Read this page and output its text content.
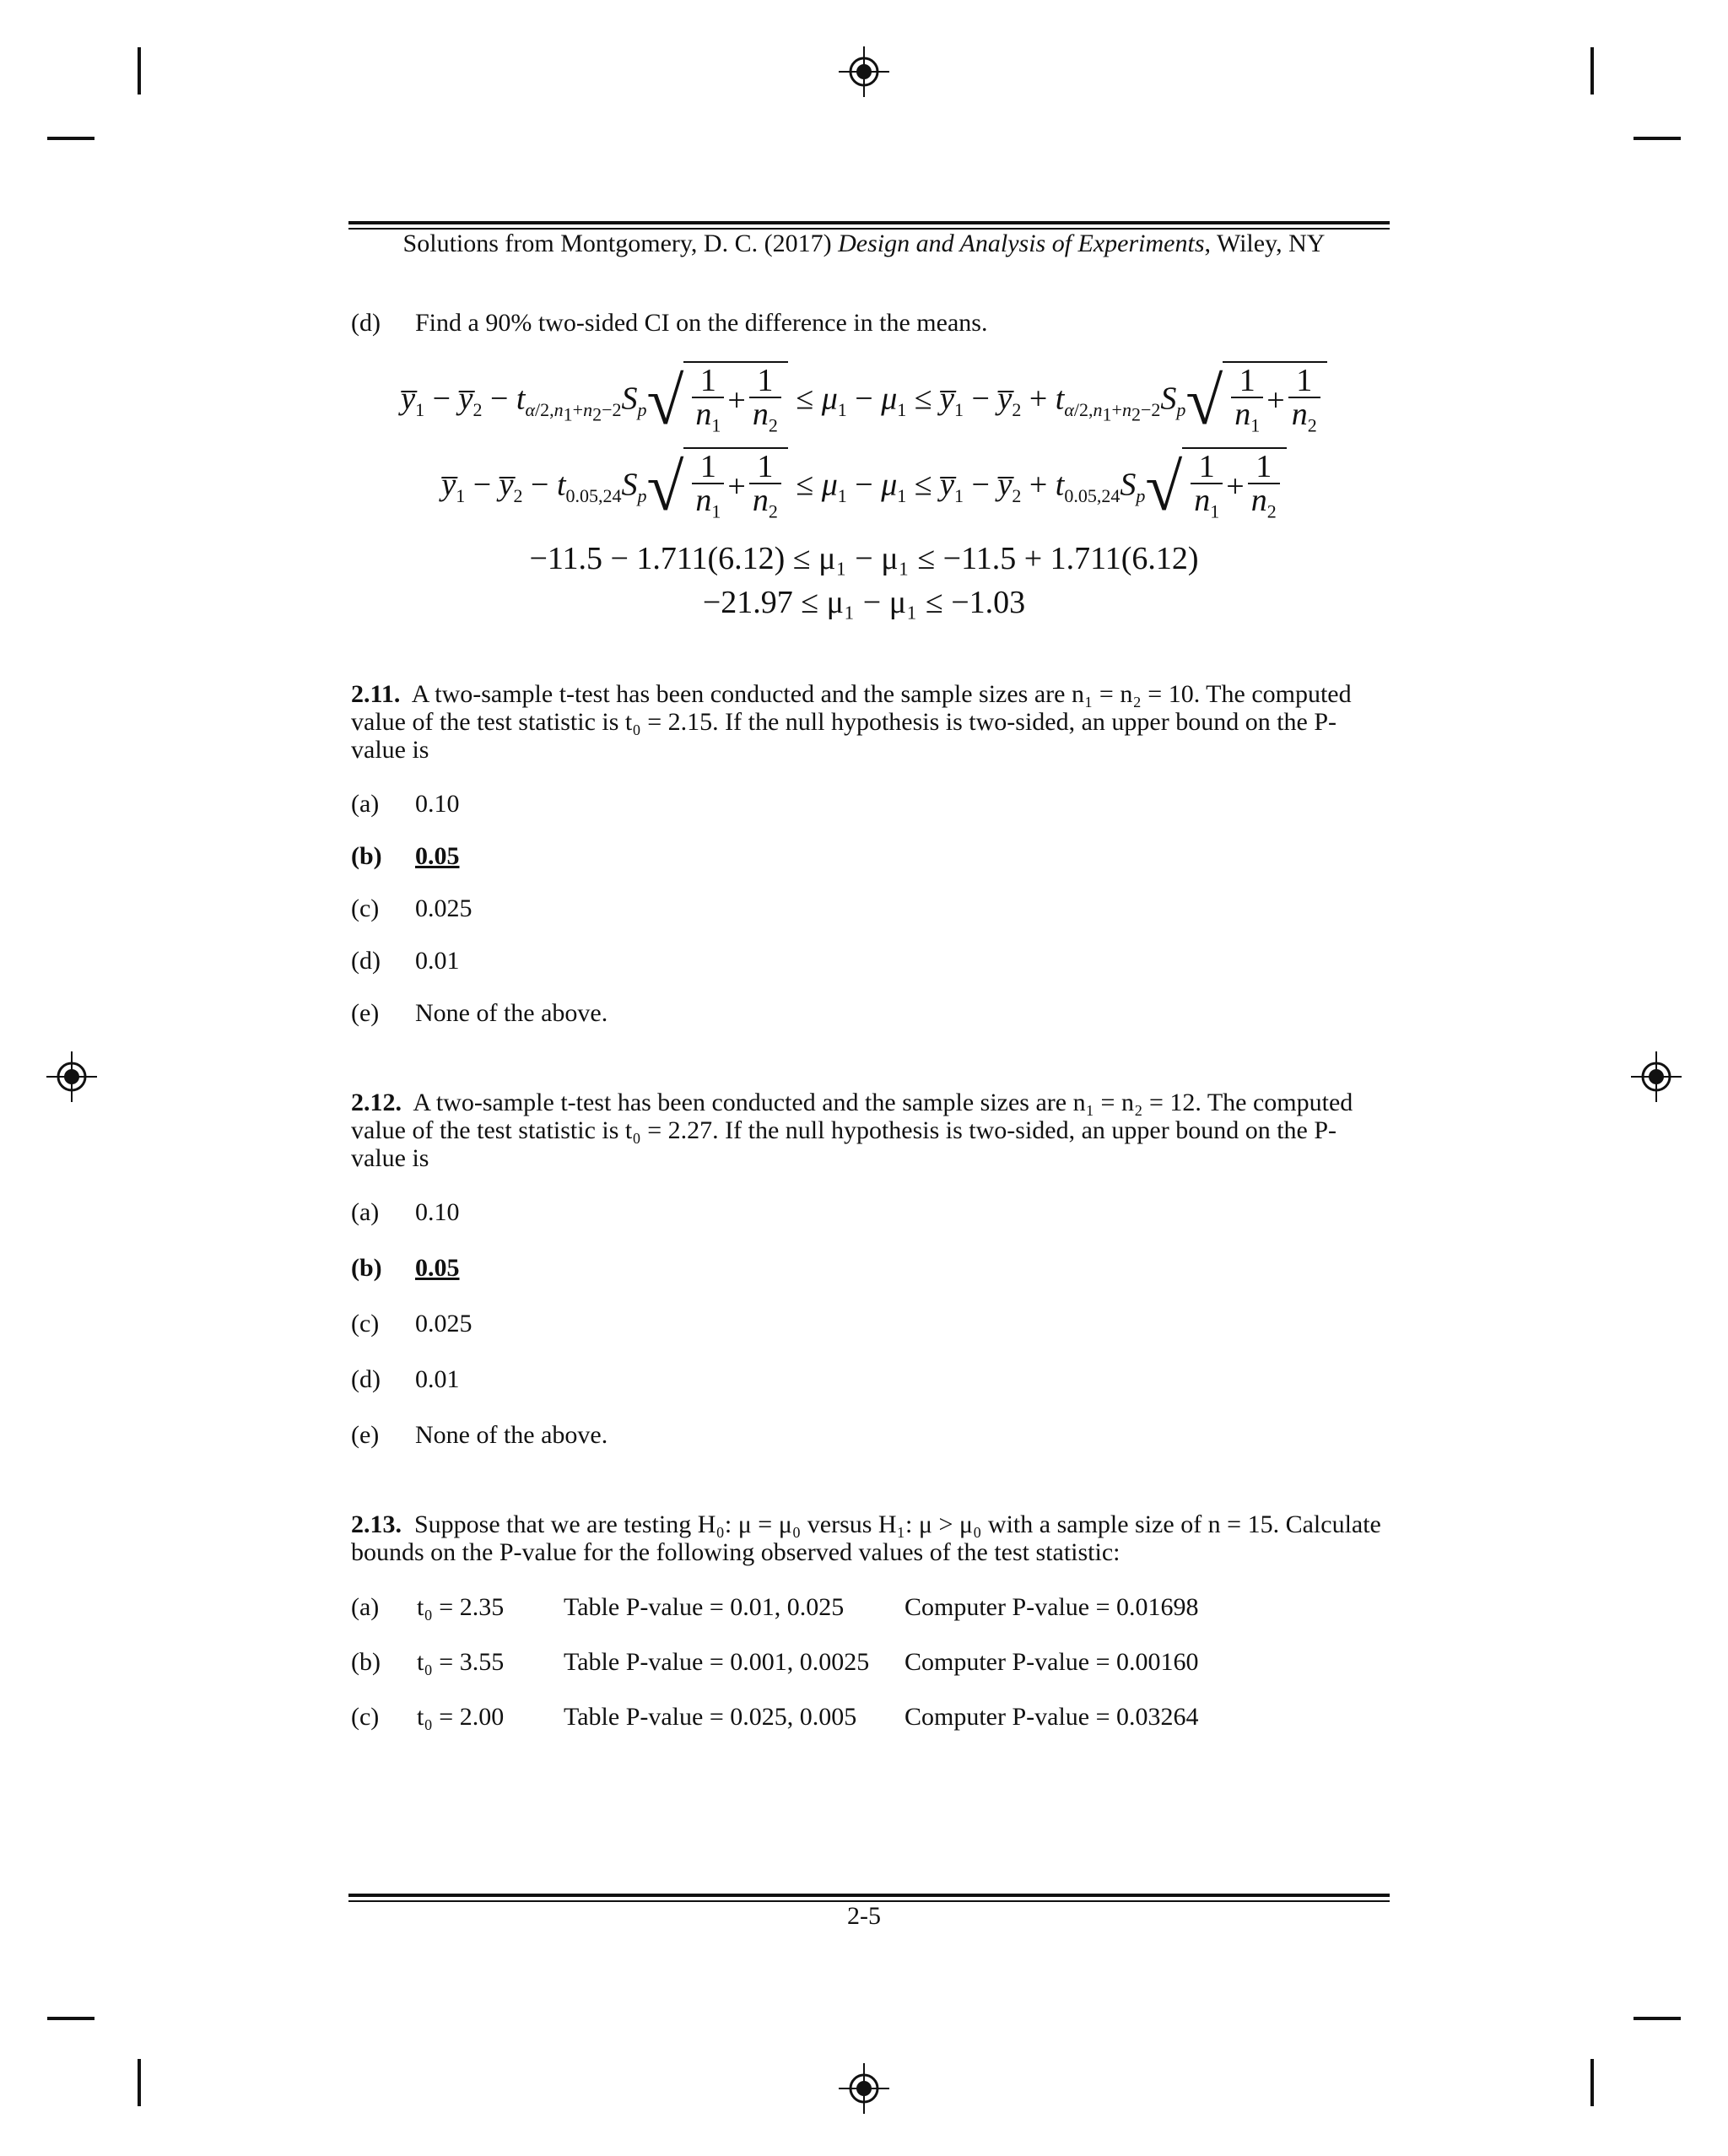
Solutions from Montgomery, D. C. (2017) Design and Analysis of Experiments, Wiley, NY
(d) Find a 90% two-sided CI on the difference in the means.
$y̅_1$ − $y̅_2 - t_{\alpha/2,n_1+n_2-2}S_p√ \frac{1}{n_1} + \frac{1}{n_2} \le \mu_1 - \mu_1$ ≤ $y̅_1$ − $y̅_2 + t_{\alpha/2,n_1+n_2-2}S_p√ \frac{1}{n_1} + \frac{1}{n_2}$
$y̅_1$ − $y̅_2 - t_{0.05,24}S_p√ \frac{1}{n_1} + \frac{1}{n_2} \le \mu_1 - \mu_1$ ≤ $y̅_1$ − $y̅_2 + t_{0.05,24}S_p√ \frac{1}{n_1} + \frac{1}{n_2}$
−11.5 − 1.711(6.12) ≤ μ₁ − μ₁ ≤ −11.5 + 1.711(6.12)
−21.97 ≤ μ₁ − μ₁ ≤ −1.03
2.11. A two-sample t-test has been conducted and the sample sizes are n₁ = n₂ = 10. The computed
value of the test statistic is t₀ = 2.15. If the null hypothesis is two-sided, an upper bound on the P-
value is
(a) 0.10
(b) 0.05
(c) 0.025
(d) 0.01
(e) None of the above.
2.12. A two-sample t-test has been conducted and the sample sizes are n₁ = n₂ = 12. The computed
value of the test statistic is t₀ = 2.27. If the null hypothesis is two-sided, an upper bound on the P-
value is
(a) 0.10
(b) 0.05
(c) 0.025
(d) 0.01
(e) None of the above.
2.13. Suppose that we are testing H₀: μ = μ₀ versus H₁: μ > μ₀ with a sample size of n = 15. Calculate
bounds on the P-value for the following observed values of the test statistic:
(a) t₀ = 2.35 Table P-value = 0.01, 0.025 Computer P-value = 0.01698
(b) t₀ = 3.55 Table P-value = 0.001, 0.0025 Computer P-value = 0.00160
(c) t₀ = 2.00 Table P-value = 0.025, 0.005 Computer P-value = 0.03264
2-5
